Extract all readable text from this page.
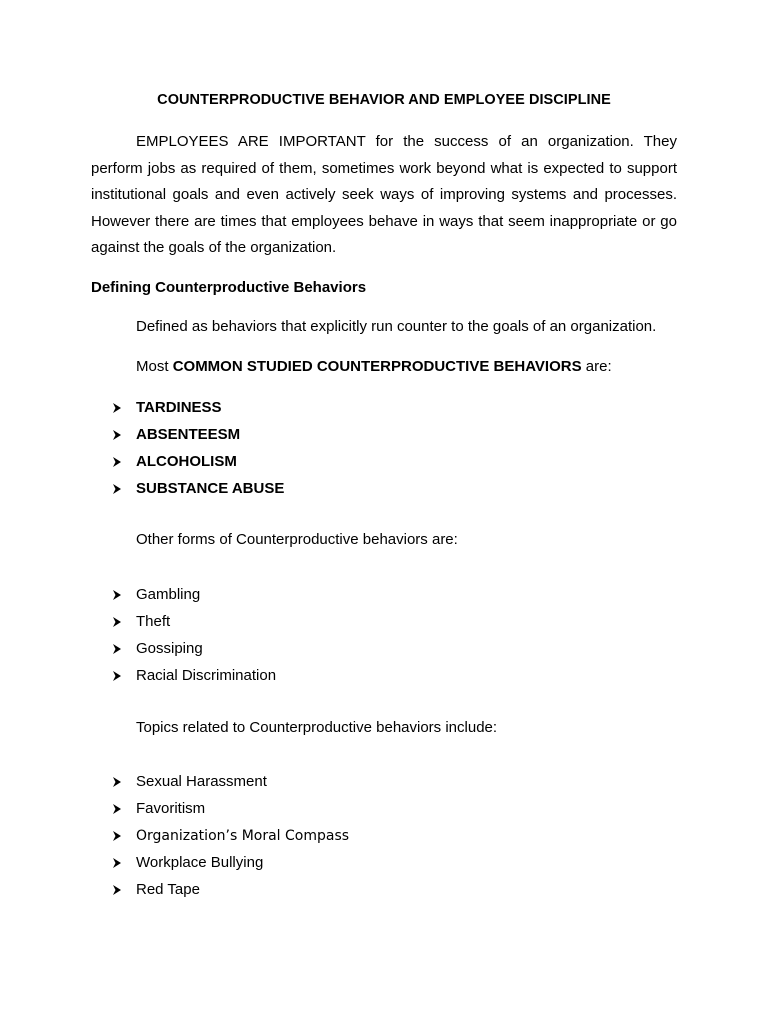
COUNTERPRODUCTIVE BEHAVIOR AND EMPLOYEE DISCIPLINE

EMPLOYEES ARE IMPORTANT for the success of an organization. They perform jobs as required of them, sometimes work beyond what is expected to support institutional goals and even actively seek ways of improving systems and processes. However there are times that employees behave in ways that seem inappropriate or go against the goals of the organization.

Defining Counterproductive Behaviors

Defined as behaviors that explicitly run counter to the goals of an organization.

Most COMMON STUDIED COUNTERPRODUCTIVE BEHAVIORS are:

TARDINESS
ABSENTEESM
ALCOHOLISM
SUBSTANCE ABUSE

Other forms of Counterproductive behaviors are:

Gambling
Theft
Gossiping
Racial Discrimination

Topics related to Counterproductive behaviors include:

Sexual Harassment
Favoritism
Organization’s Moral Compass
Workplace Bullying
Red Tape
